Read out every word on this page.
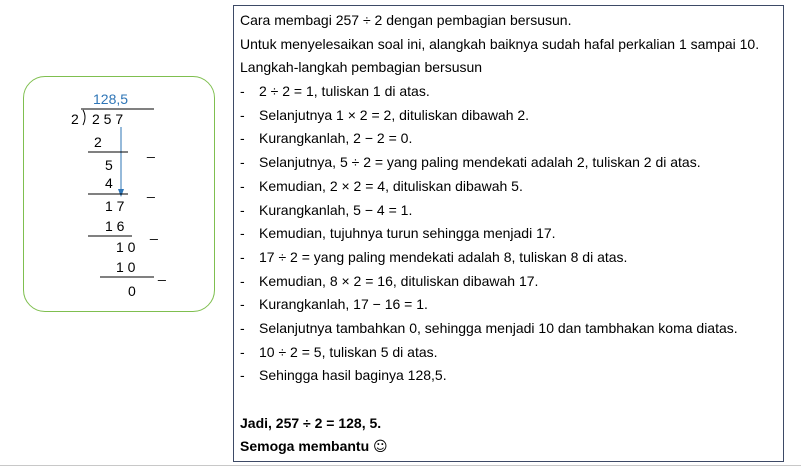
128,5
2 2 5 7
2	_
5
4 _
1 7
1 6 _
1 0
1 0 _
0
Cara membagi 257 ÷ 2 dengan pembagian bersusun.
Untuk menyelesaikan soal ini, alangkah baiknya sudah hafal perkalian 1 sampai 10.
Langkah-langkah pembagian bersusun
-	2 ÷ 2 = 1, tuliskan 1 di atas.
-	Selanjutnya 1 × 2 = 2, dituliskan dibawah 2.
-	Kurangkanlah, 2 − 2 = 0.
-	Selanjutnya, 5 ÷ 2 = yang paling mendekati adalah 2, tuliskan 2 di atas.
-	Kemudian, 2 × 2 = 4, dituliskan dibawah 5.
-	Kurangkanlah, 5 − 4 = 1.
-	Kemudian, tujuhnya turun sehingga menjadi 17.
-	17 ÷ 2 = yang paling mendekati adalah 8, tuliskan 8 di atas.
-	Kemudian, 8 × 2 = 16, dituliskan dibawah 17.
-	Kurangkanlah, 17 − 16 = 1.
-	Selanjutnya tambahkan 0, sehingga menjadi 10 dan tambhakan koma diatas.
-	10 ÷ 2 = 5, tuliskan 5 di atas.
-	Sehingga hasil baginya 128,5.
Jadi, 257 ÷ 2 = 128, 5.
Semoga membantu ☺
